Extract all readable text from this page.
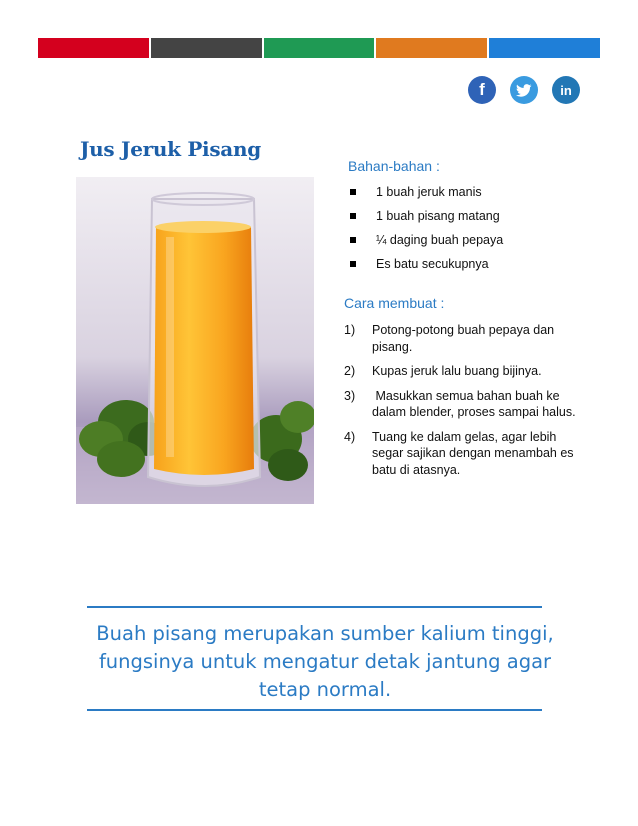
f	in
Jus Jeruk Pisang
Bahan-bahan :
1 buah jeruk manis
1 buah pisang matang
¼ daging buah pepaya
Es batu secukupnya
Cara membuat :
1)	Potong-potong buah pepaya dan pisang.
2)	Kupas jeruk lalu buang bijinya.
3)	Masukkan semua bahan buah ke dalam blender, proses sampai halus.
4)	Tuang ke dalam gelas, agar lebih segar sajikan dengan menambah es batu di atasnya.
Buah pisang merupakan sumber kalium tinggi, fungsinya untuk mengatur detak jantung agar tetap normal.
